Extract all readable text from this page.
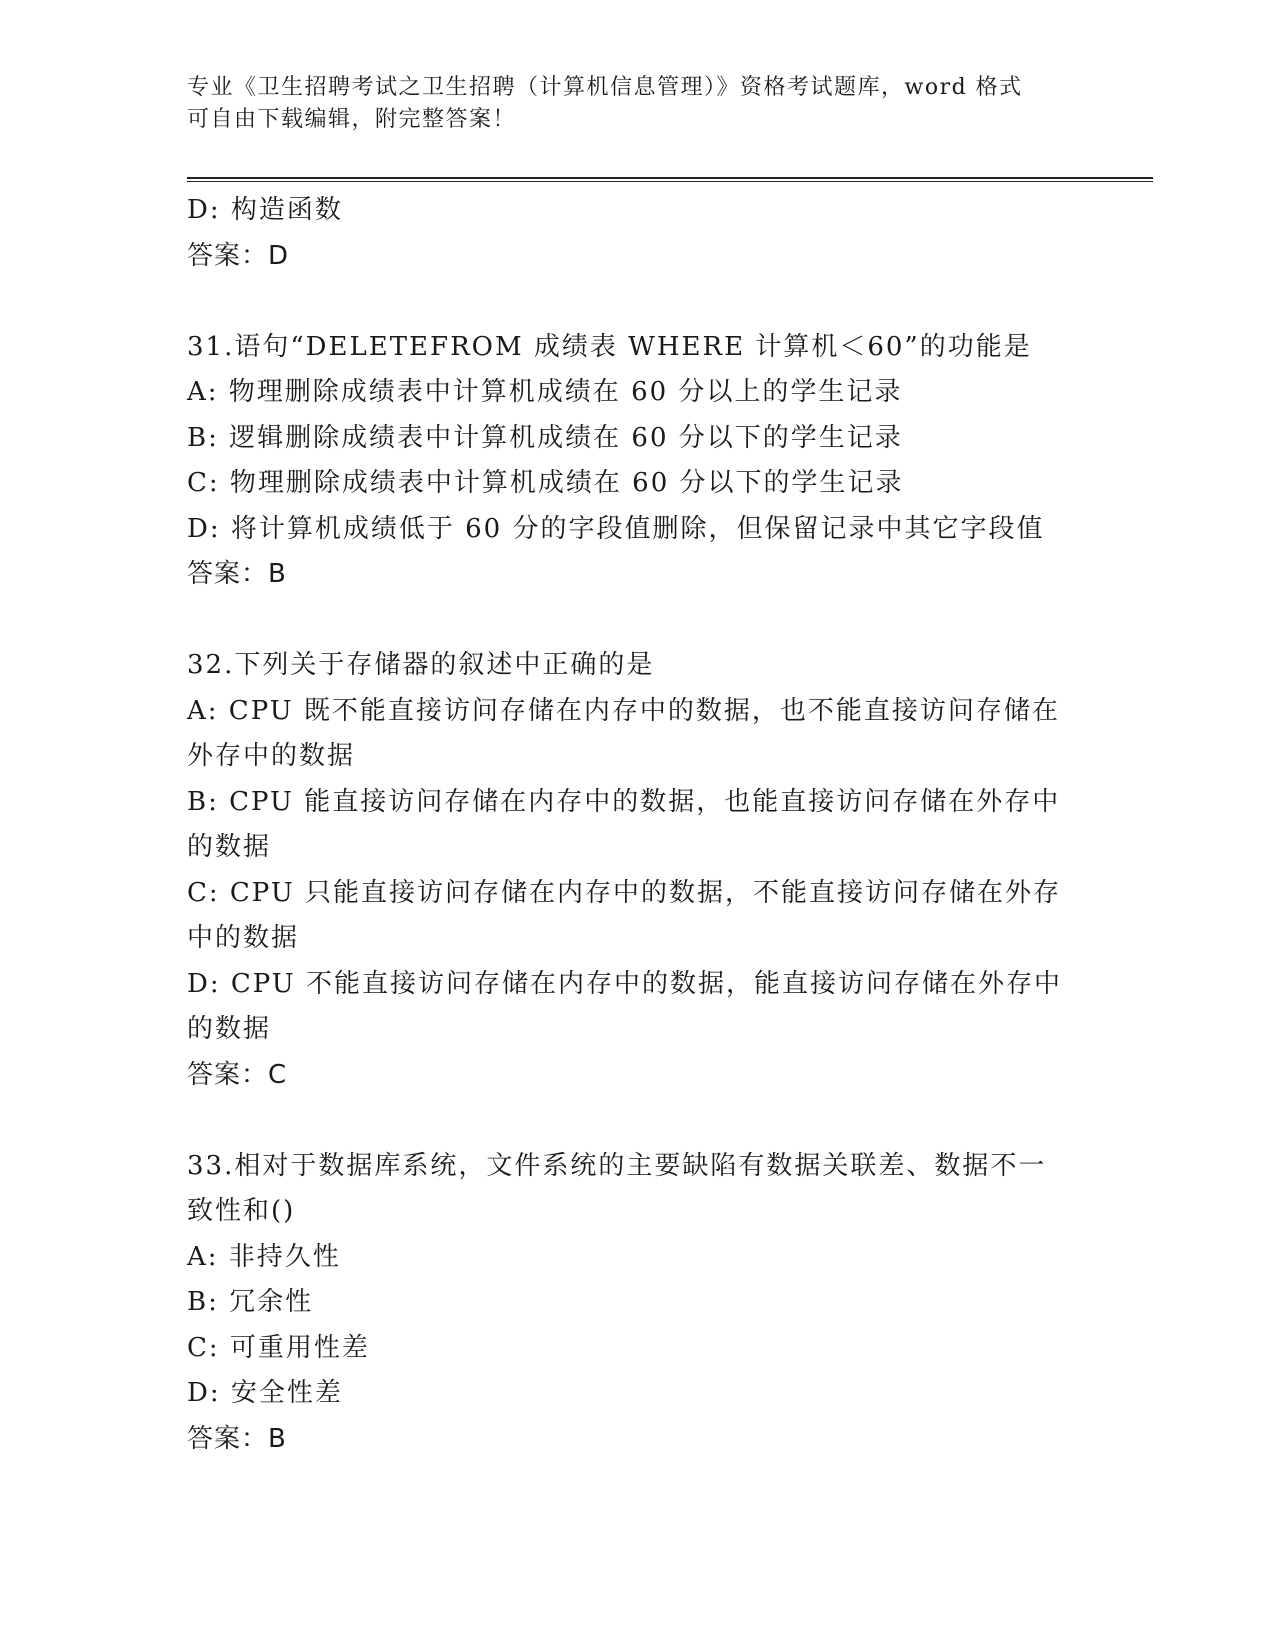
专业《卫生招聘考试之卫生招聘（计算机信息管理）》资格考试题库，word 格式
可自由下载编辑，附完整答案！
D: 构造函数
答案：D
31.语句“DELETEFROM 成绩表 WHERE 计算机＜60”的功能是
A: 物理删除成绩表中计算机成绩在 60 分以上的学生记录
B: 逻辑删除成绩表中计算机成绩在 60 分以下的学生记录
C: 物理删除成绩表中计算机成绩在 60 分以下的学生记录
D: 将计算机成绩低于 60 分的字段值删除，但保留记录中其它字段值
答案：B
32.下列关于存储器的叙述中正确的是
A: CPU 既不能直接访问存储在内存中的数据，也不能直接访问存储在
外存中的数据
B: CPU 能直接访问存储在内存中的数据，也能直接访问存储在外存中
的数据
C: CPU 只能直接访问存储在内存中的数据，不能直接访问存储在外存
中的数据
D: CPU 不能直接访问存储在内存中的数据，能直接访问存储在外存中
的数据
答案：C
33.相对于数据库系统，文件系统的主要缺陷有数据关联差、数据不一
致性和()
A: 非持久性
B: 冗余性
C: 可重用性差
D: 安全性差
答案：B
